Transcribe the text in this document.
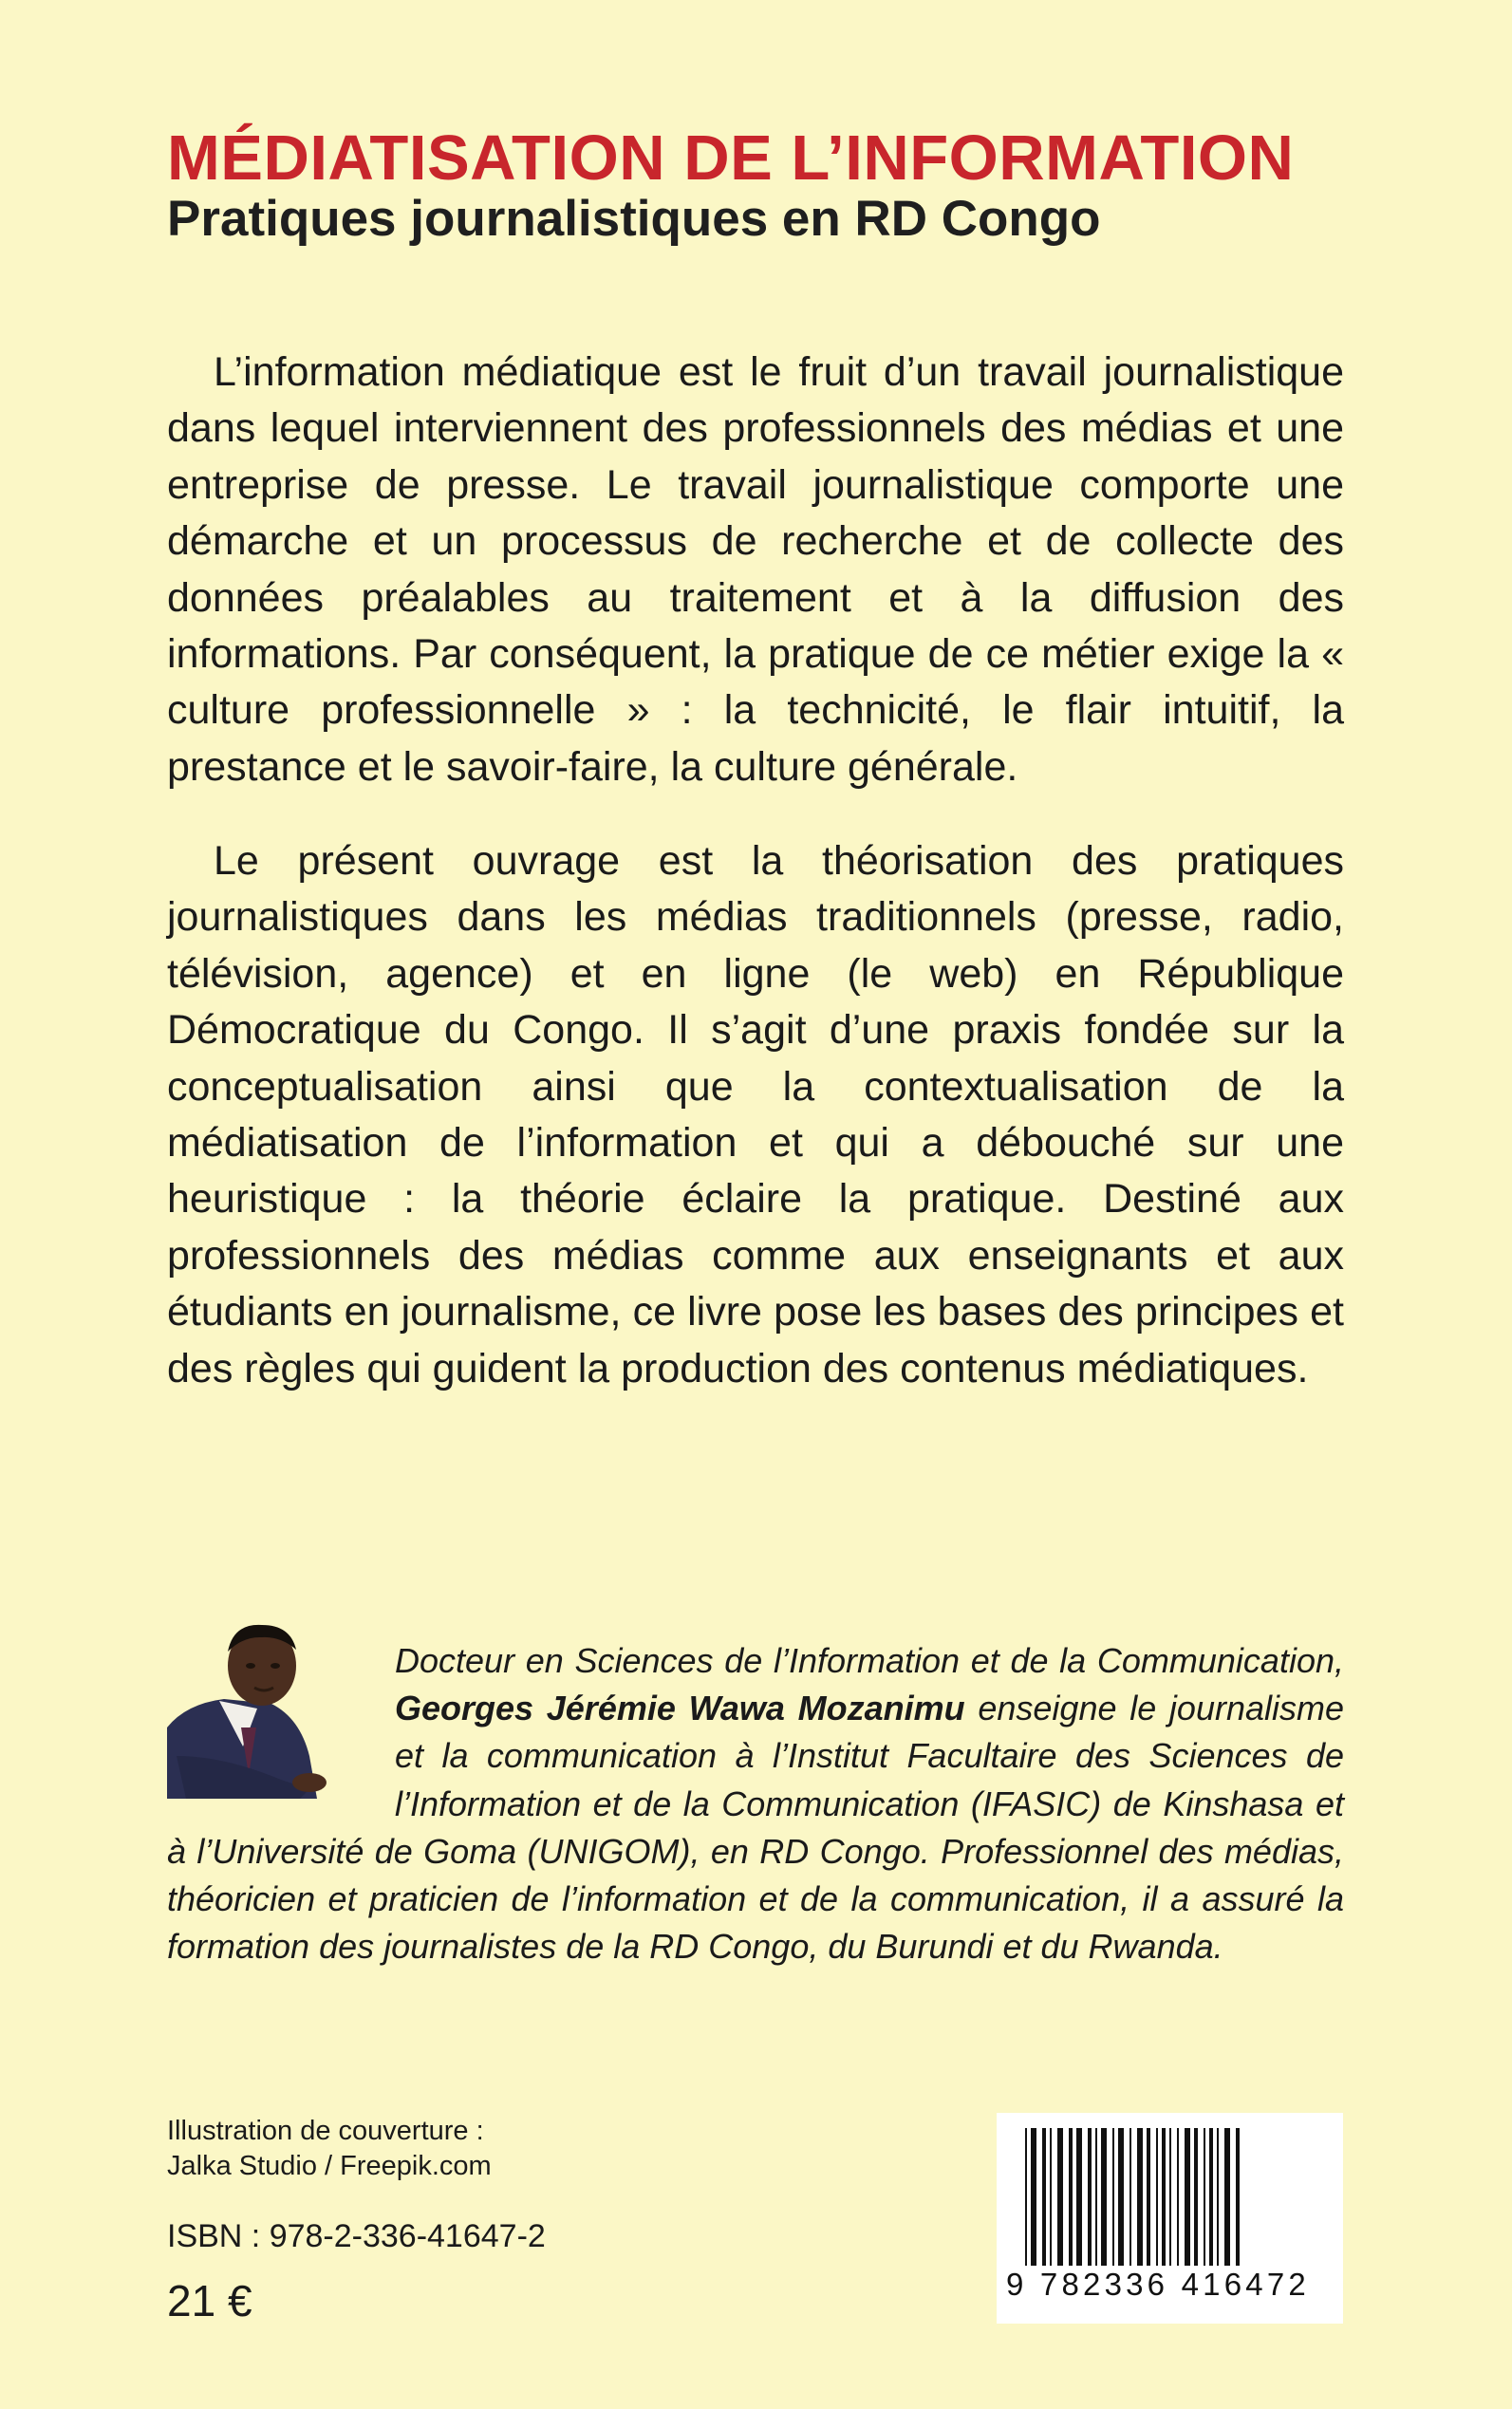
MÉDIATISATION DE L’INFORMATION
Pratiques journalistiques en RD Congo

L’information médiatique est le fruit d’un travail journalistique dans lequel interviennent des professionnels des médias et une entreprise de presse. Le travail journalistique comporte une démarche et un processus de recherche et de collecte des données préalables au traitement et à la diffusion des informations. Par conséquent, la pratique de ce métier exige la « culture professionnelle » : la technicité, le flair intuitif, la prestance et le savoir-faire, la culture générale.

Le présent ouvrage est la théorisation des pratiques journalistiques dans les médias traditionnels (presse, radio, télévision, agence) et en ligne (le web) en République Démocratique du Congo. Il s’agit d’une praxis fondée sur la conceptualisation ainsi que la contextualisation de la médiatisation de l’information et qui a débouché sur une heuristique : la théorie éclaire la pratique. Destiné aux professionnels des médias comme aux enseignants et aux étudiants en journalisme, ce livre pose les bases des principes et des règles qui guident la production des contenus médiatiques.

Docteur en Sciences de l’Information et de la Communication, Georges Jérémie Wawa Mozanimu enseigne le journalisme et la communication à l’Institut Facultaire des Sciences de l’Information et de la Communication (IFASIC) de Kinshasa et à l’Université de Goma (UNIGOM), en RD Congo. Professionnel des médias, théoricien et praticien de l’information et de la communication, il a assuré la formation des journalistes de la RD Congo, du Burundi et du Rwanda.

Illustration de couverture :
Jalka Studio / Freepik.com
ISBN : 978-2-336-41647-2
21 €	9 782336 416472
